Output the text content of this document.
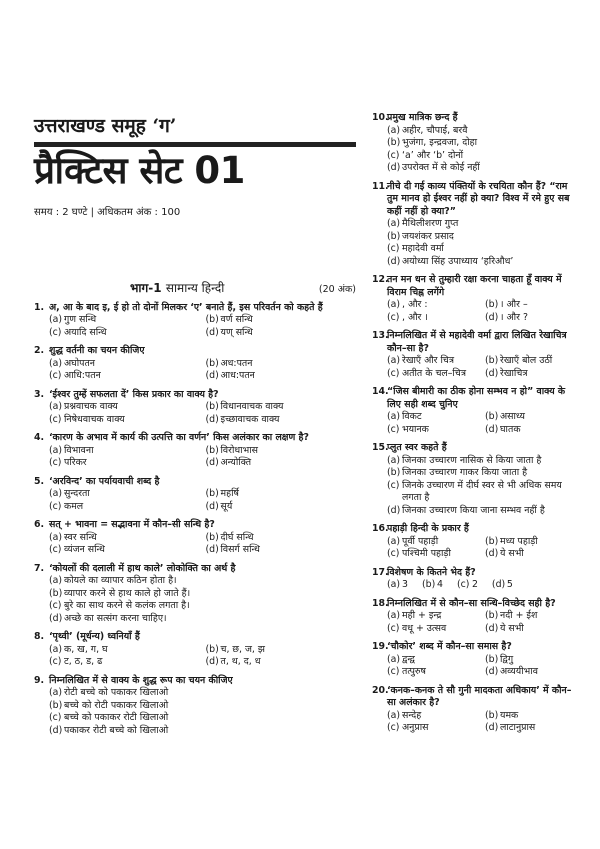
उत्तराखण्ड समूह ‘ग’
प्रैक्टिस सेट 01
समय : 2 घण्टे | अधिकतम अंक : 100
भाग-1 सामान्य हिन्दी	(20 अंक)
1. अ, आ के बाद इ, ई हो तो दोनों मिलकर ‘ए’ बनाते हैं, इस परिवर्तन को कहते हैं
(a) गुण सन्धि	(b) वर्ण सन्धि
(c) अयादि सन्धि	(d) यण् सन्धि
2. शुद्ध वर्तनी का चयन कीजिए
(a) अघोपतन	(b) अध:पतन
(c) आधि:पतन	(d) आध:पतन
3. ‘ईश्वर तुम्हें सफलता दें’ किस प्रकार का वाक्य है?
(a) प्रश्नवाचक वाक्य	(b) विधानवाचक वाक्य
(c) निषेधवाचक वाक्य	(d) इच्छावाचक वाक्य
4. ‘कारण के अभाव में कार्य की उत्पत्ति का वर्णन’ किस अलंकार का लक्षण है?
(a) विभावना	(b) विरोधाभास
(c) परिकर	(d) अन्योक्ति
5. ‘अरविन्द’ का पर्यायवाची शब्द है
(a) सुन्दरता	(b) महर्षि
(c) कमल	(d) सूर्य
6. सत् + भावना = सद्भावना में कौन–सी सन्धि है?
(a) स्वर सन्धि	(b) दीर्घ सन्धि
(c) व्यंजन सन्धि	(d) विसर्ग सन्धि
7. ‘कोयलों की दलाली में हाथ काले’ लोकोक्ति का अर्थ है
(a) कोयले का व्यापार कठिन होता है।
(b) व्यापार करने से हाथ काले हो जाते हैं।
(c) बुरे का साथ करने से कलंक लगता है।
(d) अच्छे का सत्संग करना चाहिए।
8. ‘पृथ्वी’ (मूर्धन्य) ध्वनियाँ हैं
(a) क, ख, ग, घ	(b) च, छ, ज, झ
(c) ट, ठ, ड, ढ	(d) त, थ, द, ध
9. निम्नलिखित में से वाक्य के शुद्ध रूप का चयन कीजिए
(a) रोटी बच्चे को पकाकर खिलाओ
(b) बच्चे को रोटी पकाकर खिलाओ
(c) बच्चे को पकाकर रोटी खिलाओ
(d) पकाकर रोटी बच्चे को खिलाओ
10.
प्रमुख मात्रिक छन्द हैं
(a) अहीर, चौपाई, बरवै
(b) भुजंगा, इन्द्रवजा, दोहा
(c) ‘a’ और ‘b’ दोनों
(d) उपरोक्त में से कोई नहीं
11.
नीचे दी गई काव्य पंक्तियों के रचयिता कौन हैं? “राम तुम मानव हो ईश्वर नहीं हो क्या? विश्व में रमे हुए सब कहीं नहीं हो क्या?”
(a) मैथिलीशरण गुप्त
(b) जयशंकर प्रसाद
(c) महादेवी वर्मा
(d) अयोध्या सिंह उपाध्याय ‘हरिऔध’
12.
तन मन धन से तुम्हारी रक्षा करना चाहता हूँ वाक्य में विराम चिह्न लगेंगे
(a) , और :	(b) । और –
(c) , और ।	(d) । और ?
13.
निम्नलिखित में से महादेवी वर्मा द्वारा लिखित रेखाचित्र कौन–सा है?
(a) रेखाएँ और चित्र	(b) रेखाएँ बोल उठीं
(c) अतीत के चल–चित्र (d) रेखाचित्र
14.
“जिस बीमारी का ठीक होना सम्भव न हो” वाक्य के लिए सही शब्द चुनिए
(a) विकट	(b) असाध्य
(c) भयानक	(d) घातक
15.
प्लुत स्वर कहते हैं
(a) जिनका उच्चारण नासिक से किया जाता है
(b) जिनका उच्चारण गाकर किया जाता है
(c) जिनके उच्चारण में दीर्घ स्वर से भी अधिक समय लगता है
(d) जिनका उच्चारण किया जाना सम्भव नहीं है
16.
पहाड़ी हिन्दी के प्रकार हैं
(a) पूर्वी पहाड़ी	(b) मध्य पहाड़ी
(c) पश्चिमी पहाड़ी	(d) ये सभी
17.
विशेषण के कितने भेद हैं?
(a) 3 (b) 4 (c) 2 (d) 5
18.
निम्नलिखित में से कौन–सा सन्धि–विच्छेद सही है?
(a) मही + इन्द्र	(b) नदी + ईश
(c) वधू + उत्सव	(d) ये सभी
19.
‘चौकोर’ शब्द में कौन–सा समास है?
(a) द्वन्द्व	(b) द्विगु
(c) तत्पुरुष	(d) अव्ययीभाव
20.
‘कनक–कनक ते सौ गुनी मादकता अधिकाय’ में कौन–सा अलंकार है?
(a) सन्देह	(b) यमक
(c) अनुप्रास	(d) लाटानुप्रास
